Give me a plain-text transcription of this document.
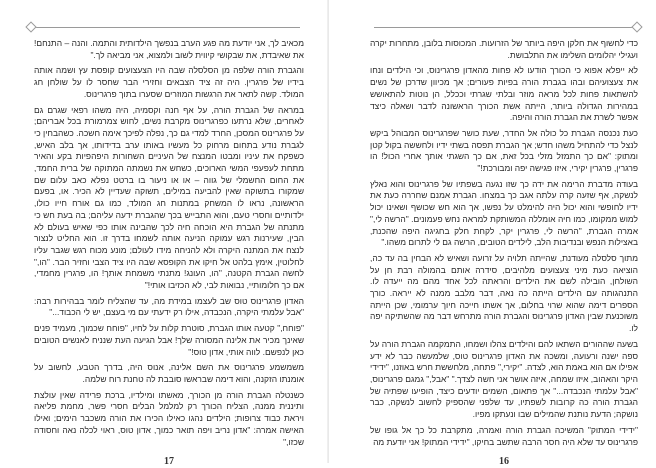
מכאיב לך, אני יודעת מה פגע הערב בנפשך הילדותית והתמה. והנה – התנחם! את שאיבדת, את שבקושי קיווית לשוב ולמצוא, אני מביאה לך."

והגברת הורה שלפה מן הסלסלה שבה היו הצעצועים קופסת עץ ושמה אותה בידיו של פרגרין. היה זה ציד הצבאים וחזירי הבר שחסר לו על שולחן חג המולד. קשה לתאר את הרגשות המוזרים שסערו בתוך פרגרינוס.

במראה של הגברת הורה, על אף חנה וקסמיה, היה משהו רפאי שגרם גם לאחרים, שלא נרתעו כפרגרינוס מקרבת נשים, לחוש צמרמורת בכל אבריהם; על פרגרינוס המסכן, החרד למדי גם כך, נפלה לפיכך אימה חשכה. כשהבחין כי לגברת נודע בתחום מרחוק כל מעשיו באותו ערב בדידותו, אך בלב האיש, כשפקח את עיניו ומבטו המנצח של העיניים השחורות היפהפיות בקע והאיר מתחת לעפעפי המשי הארוכים, כשחש את נשמתה המתוקה של ברית החמד, את החום החשמלי של גווה – או או ניעור בו ברטט נפלא כאב עלום שם שמקורו בתשוקה שאין להביעה במילים, תשוקה שעדיין לא הכיר. או, בפעם הראשונה, נראו לו המשחק במתנות חג המולד, כמו גם אורח חייו כולו, ילדותיים וחסרי טעם, והוא התבייש בכך שהגברת ידעה עליהם; בה בעת חש כי מתנתה של הגברת היא הוכחה חיה לכך שהבינה אותו כפי שאיש בעולם לא הבין, שעירנות רגש עמוקה הניעה אותה לשמחו בדרך זו. הוא החליט לנצור לנצח את המתנה היקרה ולא להניחה מידו לעולם; מונע מכוח רגש שגבר עליו לחלוטין, אימץ בלהט אל חיקו את הקופסא שבה היו ציד הצבי וחזיר הבר. "הו," לחשה הגברת הקטנה, "הו, העונג! מתנתי משמחת אותך! הו, פרגרין מחמדי, אם כך חלומותיי, נבואות לבי, לא הכזיבו אותי!"

האדון פרגרינוס טוס שב לעצמו במידת מה, עד שהצליח לומר בבהירות רבה: "אבל עלמתי היקרה, הנכבדה, אילו רק ידעתי עם מי בעצם, יש לי הכבוד..."

"פוחח," קטעה אותו הגברת, סוטרת קלות על לחיו, "פוחח שכמוך, מעמיד פנים שאינך מכיר את אלינה המסורה שלך! אבל הגיעה העת שנניח לאנשים הטובים כאן לנפשם. לווה אותי, אדון טוס!"

משמשמע פרגרינוס את השם אלינה, אנוס היה, בדרך הטבע, לחשוב על אומנתו הזקנה, והוא דימה שבראשו סובבת לה טחנת רוח שלמה.

כשנטלה הגברת הורה מן הכורך, מאשתו ומילדיו, ברכת פרידה שאין עולצת ותיננית ממנה, הצליח הכורך רק למלמל הבלים חסרי פשר, מחמת פליאה ויראת כבוד צרופות; הילדים נהגו כאילו הכירו את הורה משכבר הימים; ואילו האישה אמרה: "אדון נריב ויפה תואר כמוך, אדון טוס, ראוי לכלה נאה וחסודה שכזו,"

17

כדי לחשוף את חלקן היפה ביותר של הזרועות. המכוסות בלובן, מתחרות יקרה ועגילי יהלומים השלימו את התלבושת.

לא ייפלא אפוא כי הכורך הודעו לא פחות מהאדון פרגרינוס, וכי הילדים ונחו את צעצועיהם ובהו בגברת הורה בפיות פעורים; אך מכיוון שדרכן של נשים להשתאות פחות לכל מראה מוזר ובלתי שגרתי וככלל, הן נוטות להתאושש במהירות הגדולה ביותר, הייתה אשת הכורך הראשונה לדבר ושאלה כיצד אפשר לשרת את הגברת הורה והיפה.

כעת נכנסה הגברת כל כולה אל החדר, שעת כושר שפרגרינוס המבוהל ביקש לנצל כדי להתחיל משהו חדש; אך הגברת תפסה בשתי ידיו ולחששה בקול קטן ומתוק: "אם כך התמזל מזלי בכל זאת, אם כך השגתי אותך אחרי הכול! הו פרגרין, פרגרין יקירי, איזו פגישה יפה ומבורכת!"

בעודה מדברת הרימה את ידה כך שזו נגעה בשפתיו של פרגרינוס והוא נאלץ לנשקה, אף שזעה קרה עלתה אגב כך במצחו. הגברת אמנם שחררה כעת את ידיו לחופשי והוא יכול היה להימלט על נפשו, אך הוא חש שכושף ושאינו יכול למוש ממקומו, כמו חיה אומללה המשותקת למראה נחש פעמונים. "הרשה לי," אמרה הגברת, "הרשה לי, פרגרין יקר, לקחת חלק בחגיגה היפה שהכנת, באצילות הנפש ובנדיבות הלב, לילדים הטובים, הרשה גם לי לתרום משהו."

מתוך סלסלה מעודנת, שהייתה תלויה על זרועה ושאיש לא הבחין בה עד כה, הוציאה כעת מיני צעצועים מלהיבים, סידרה אותם בהמולה רבת חן על השולחן, הובילה לשם את הילדים והראתה לכל אחד מהם מה ייעדה לו. התנהגותה עם הילדים הייתה כה נאה, דבר מלבב ממנה לא ייראה. כורך הספרים דימה שהוא שרוי בחלום, אך אשתו חייכה חיוך ערמומי, שכן הייתה משוכנעת שבין האדון פרגרינוס והגברת הורה מתרחש דבר מה שהשתיקה יפה לו.

בשעה שההורים השתאו להם והילדים צהלו ושמחו, התמקמה הגברת הורה על ספה ישנה ורעועה, ומשכה את האדון פרגרינוס טוס, שלמעשה כבר לא ידע אפילו אם הוא באמת הוא, לצדה. "יקירי," פתחה, מלחששת חרש באוזנו, "ידידי היקר והאהוב, איזו שמחה, איזה אושר אני חשה לצדך." "אבל," גמגם פרגרינוס, "אבל עלמתי הנכבדה..." אך פתאום, השמים יודעים כיצד, הופיעו שפתיה של הגברת הורה כה קרובות לשפתיו, עד שלפני שהספיק לחשוב לנשקה, כבר נושקה; הדעת נותנת שהמילים שבו ונעתקו מפיו.

"ידידי המתוק" המשיכה הגברת הורה ואמרה, מתקרבת כל כך אל גופו של פרגרינוס עד שלא היה חסר הרבה שתשב בחיקו, "ידידי המתוק! אני יודעת מה

16
